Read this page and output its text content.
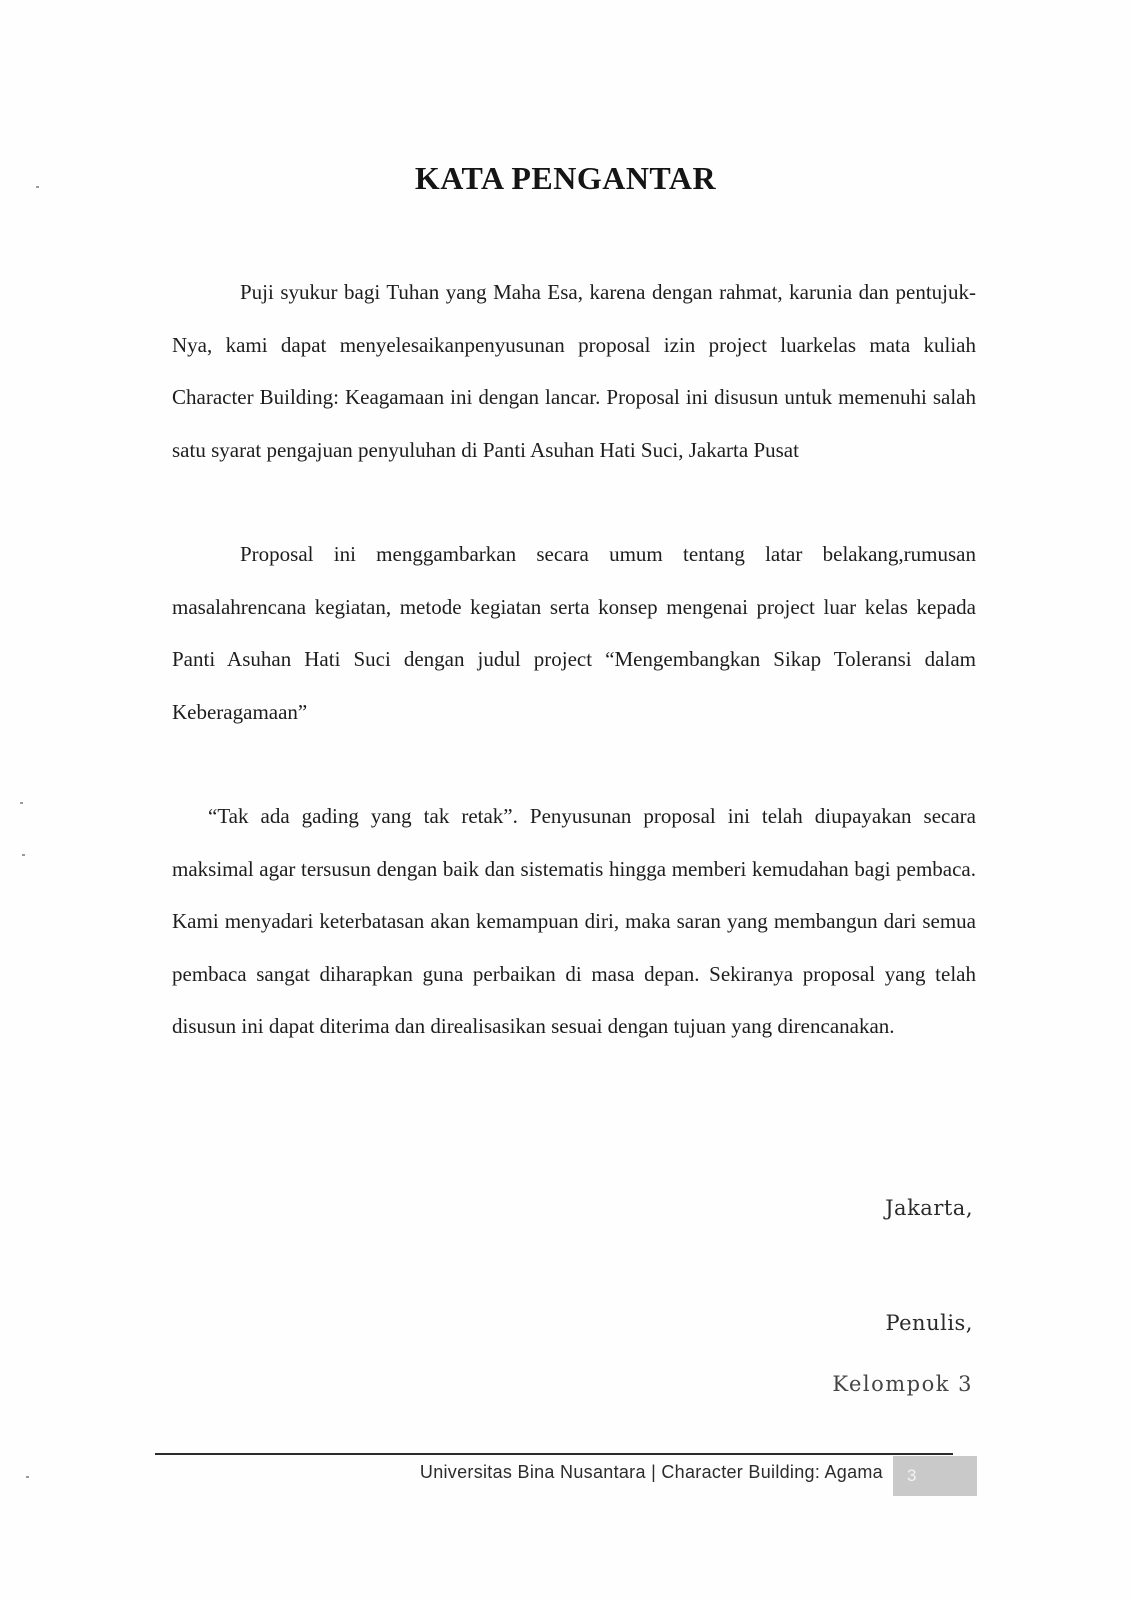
KATA PENGANTAR

Puji syukur bagi Tuhan yang Maha Esa, karena dengan rahmat, karunia dan pentujuk-Nya, kami dapat menyelesaikanpenyusunan proposal izin project luarkelas mata kuliah Character Building: Keagamaan ini dengan lancar. Proposal ini disusun untuk memenuhi salah satu syarat pengajuan penyuluhan di Panti Asuhan Hati Suci, Jakarta Pusat

Proposal ini menggambarkan secara umum tentang latar belakang,rumusan masalahrencana kegiatan, metode kegiatan serta konsep mengenai project luar kelas kepada Panti Asuhan Hati Suci dengan judul project “Mengembangkan Sikap Toleransi dalam Keberagamaan”

“Tak ada gading yang tak retak”. Penyusunan proposal ini telah diupayakan secara maksimal agar tersusun dengan baik dan sistematis hingga memberi kemudahan bagi pembaca. Kami menyadari keterbatasan akan kemampuan diri, maka saran yang membangun dari semua pembaca sangat diharapkan guna perbaikan di masa depan. Sekiranya proposal yang telah disusun ini dapat diterima dan direalisasikan sesuai dengan tujuan yang direncanakan.

Jakarta,
Penulis,
Kelompok 3
Universitas Bina Nusantara | Character Building: Agama	3
